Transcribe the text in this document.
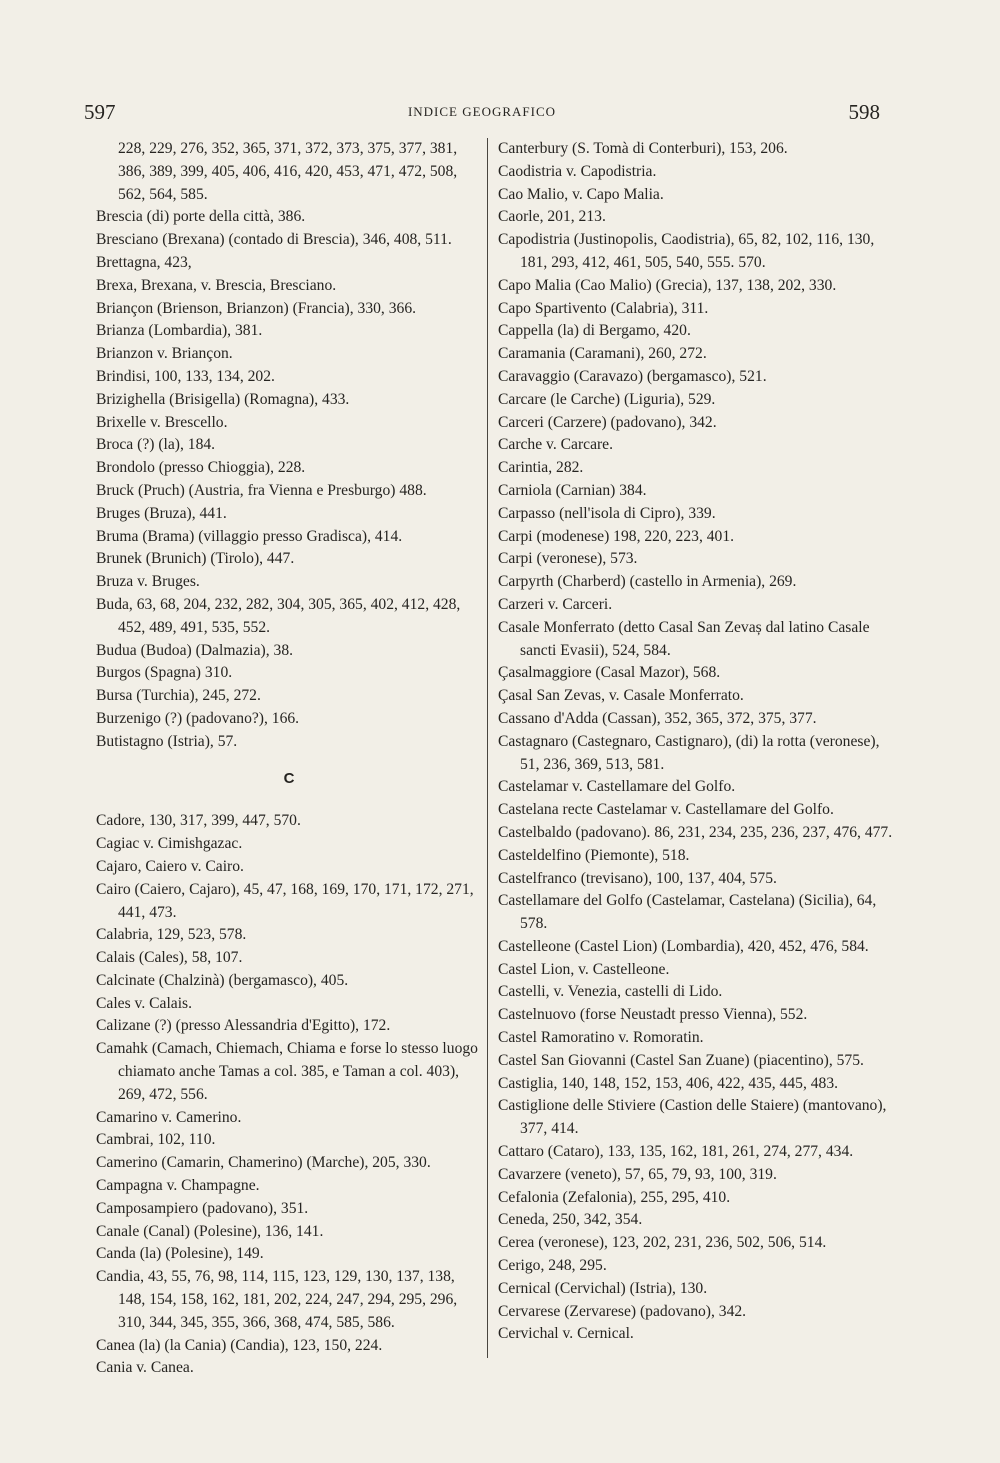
597	INDICE GEOGRAFICO	598
228, 229, 276, 352, 365, 371, 372, 373, 375, 377, 381, 386, 389, 399, 405, 406, 416, 420, 453, 471, 472, 508, 562, 564, 585.
Brescia (di) porte della città, 386.
Bresciano (Brexana) (contado di Brescia), 346, 408, 511.
Brettagna, 423,
Brexa, Brexana, v. Brescia, Bresciano.
Briançon (Brienson, Brianzon) (Francia), 330, 366.
Brianza (Lombardia), 381.
Brianzon v. Briançon.
Brindisi, 100, 133, 134, 202.
Brizighella (Brisigella) (Romagna), 433.
Brixelle v. Brescello.
Broca (?) (la), 184.
Brondolo (presso Chioggia), 228.
Bruck (Pruch) (Austria, fra Vienna e Presburgo) 488.
Bruges (Bruza), 441.
Bruma (Brama) (villaggio presso Gradisca), 414.
Brunek (Brunich) (Tirolo), 447.
Bruza v. Bruges.
Buda, 63, 68, 204, 232, 282, 304, 305, 365, 402, 412, 428, 452, 489, 491, 535, 552.
Budua (Budoa) (Dalmazia), 38.
Burgos (Spagna) 310.
Bursa (Turchia), 245, 272.
Burzenigo (?) (padovano?), 166.
Butistagno (Istria), 57.
C
Cadore, 130, 317, 399, 447, 570.
Cagiac v. Cimishgazac.
Cajaro, Caiero v. Cairo.
Cairo (Caiero, Cajaro), 45, 47, 168, 169, 170, 171, 172, 271, 441, 473.
Calabria, 129, 523, 578.
Calais (Cales), 58, 107.
Calcinate (Chalzinà) (bergamasco), 405.
Cales v. Calais.
Calizane (?) (presso Alessandria d'Egitto), 172.
Camahk (Camach, Chiemach, Chiama e forse lo stesso luogo chiamato anche Tamas a col. 385, e Taman a col. 403), 269, 472, 556.
Camarino v. Camerino.
Cambrai, 102, 110.
Camerino (Camarin, Chamerino) (Marche), 205, 330.
Campagna v. Champagne.
Camposampiero (padovano), 351.
Canale (Canal) (Polesine), 136, 141.
Canda (la) (Polesine), 149.
Candia, 43, 55, 76, 98, 114, 115, 123, 129, 130, 137, 138, 148, 154, 158, 162, 181, 202, 224, 247, 294, 295, 296, 310, 344, 345, 355, 366, 368, 474, 585, 586.
Canea (la) (la Cania) (Candia), 123, 150, 224.
Cania v. Canea.
Canterbury (S. Tomà di Conterburi), 153, 206.
Caodistria v. Capodistria.
Cao Malio, v. Capo Malia.
Caorle, 201, 213.
Capodistria (Justinopolis, Caodistria), 65, 82, 102, 116, 130, 181, 293, 412, 461, 505, 540, 555. 570.
Capo Malia (Cao Malio) (Grecia), 137, 138, 202, 330.
Capo Spartivento (Calabria), 311.
Cappella (la) di Bergamo, 420.
Caramania (Caramani), 260, 272.
Caravaggio (Caravazo) (bergamasco), 521.
Carcare (le Carche) (Liguria), 529.
Carceri (Carzere) (padovano), 342.
Carche v. Carcare.
Carintia, 282.
Carniola (Carnian) 384.
Carpasso (nell'isola di Cipro), 339.
Carpi (modenese) 198, 220, 223, 401.
Carpi (veronese), 573.
Carpyrth (Charberd) (castello in Armenia), 269.
Carzeri v. Carceri.
Casale Monferrato (detto Casal San Zevaș dal latino Casale sancti Evasii), 524, 584.
Çasalmaggiore (Casal Mazor), 568.
Çasal San Zevas, v. Casale Monferrato.
Cassano d'Adda (Cassan), 352, 365, 372, 375, 377.
Castagnaro (Castegnaro, Castignaro), (di) la rotta (veronese), 51, 236, 369, 513, 581.
Castelamar v. Castellamare del Golfo.
Castelana recte Castelamar v. Castellamare del Golfo.
Castelbaldo (padovano). 86, 231, 234, 235, 236, 237, 476, 477.
Casteldelfino (Piemonte), 518.
Castelfranco (trevisano), 100, 137, 404, 575.
Castellamare del Golfo (Castelamar, Castelana) (Sicilia), 64, 578.
Castelleone (Castel Lion) (Lombardia), 420, 452, 476, 584.
Castel Lion, v. Castelleone.
Castelli, v. Venezia, castelli di Lido.
Castelnuovo (forse Neustadt presso Vienna), 552.
Castel Ramoratino v. Romoratin.
Castel San Giovanni (Castel San Zuane) (piacentino), 575.
Castiglia, 140, 148, 152, 153, 406, 422, 435, 445, 483.
Castiglione delle Stiviere (Castion delle Staiere) (mantovano), 377, 414.
Cattaro (Cataro), 133, 135, 162, 181, 261, 274, 277, 434.
Cavarzere (veneto), 57, 65, 79, 93, 100, 319.
Cefalonia (Zefalonia), 255, 295, 410.
Ceneda, 250, 342, 354.
Cerea (veronese), 123, 202, 231, 236, 502, 506, 514.
Cerigo, 248, 295.
Cernical (Cervichal) (Istria), 130.
Cervarese (Zervarese) (padovano), 342.
Cervichal v. Cernical.
